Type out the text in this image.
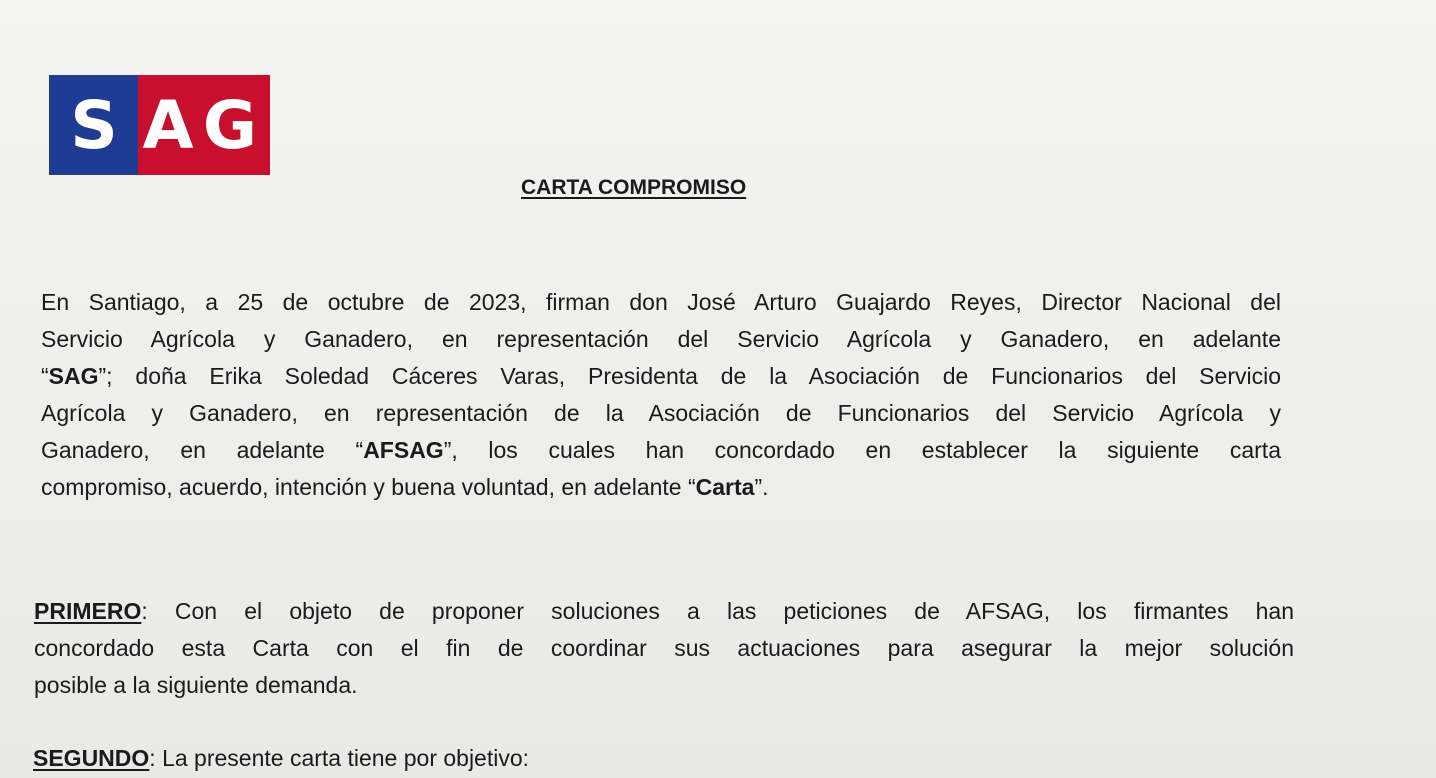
S A G
CARTA COMPROMISO
En Santiago, a 25 de octubre de 2023, firman don José Arturo Guajardo Reyes, Director Nacional del
Servicio Agrícola y Ganadero, en representación del Servicio Agrícola y Ganadero, en adelante
“SAG”; doña Erika Soledad Cáceres Varas, Presidenta de la Asociación de Funcionarios del Servicio
Agrícola y Ganadero, en representación de la Asociación de Funcionarios del Servicio Agrícola y
Ganadero, en adelante “AFSAG”, los cuales han concordado en establecer la siguiente carta
compromiso, acuerdo, intención y buena voluntad, en adelante “Carta”.
PRIMERO: Con el objeto de proponer soluciones a las peticiones de AFSAG, los firmantes han
concordado esta Carta con el fin de coordinar sus actuaciones para asegurar la mejor solución
posible a la siguiente demanda.
SEGUNDO: La presente carta tiene por objetivo:
